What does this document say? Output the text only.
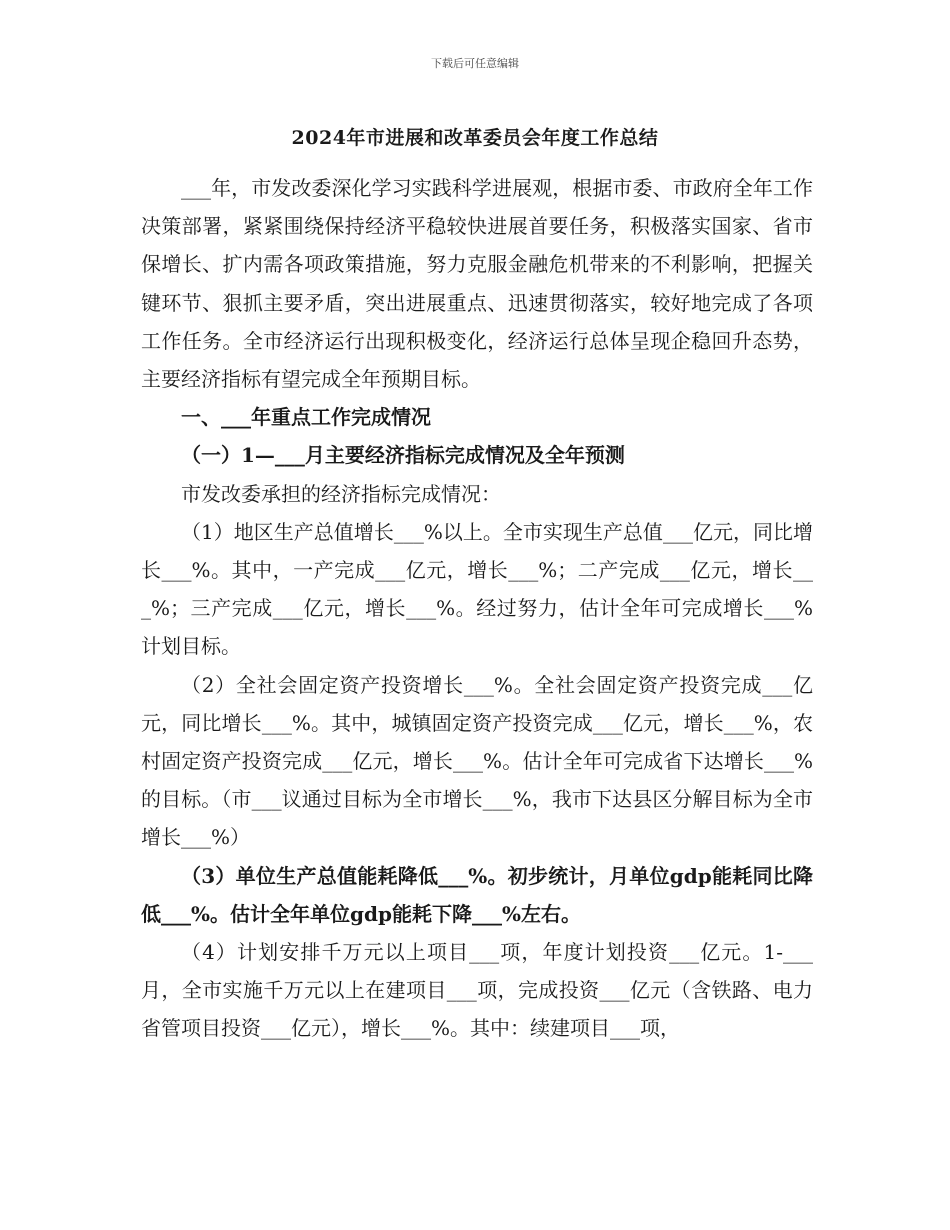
下载后可任意编辑
2024年市进展和改革委员会年度工作总结

___年，市发改委深化学习实践科学进展观，根据市委、市政府全年工作决策部署，紧紧围绕保持经济平稳较快进展首要任务，积极落实国家、省市保增长、扩内需各项政策措施，努力克服金融危机带来的不利影响，把握关键环节、狠抓主要矛盾，突出进展重点、迅速贯彻落实，较好地完成了各项工作任务。全市经济运行出现积极变化，经济运行总体呈现企稳回升态势，主要经济指标有望完成全年预期目标。

一、___年重点工作完成情况

（一）1—___月主要经济指标完成情况及全年预测

市发改委承担的经济指标完成情况：

（1）地区生产总值增长___%以上。全市实现生产总值___亿元，同比增长___%。其中，一产完成___亿元，增长___%；二产完成___亿元，增长___%；三产完成___亿元，增长___%。经过努力，估计全年可完成增长___%计划目标。

（2）全社会固定资产投资增长___%。全社会固定资产投资完成___亿元，同比增长___%。其中，城镇固定资产投资完成___亿元，增长___%，农村固定资产投资完成___亿元，增长___%。估计全年可完成省下达增长___%的目标。（市___议通过目标为全市增长___%，我市下达县区分解目标为全市增长___%）

（3）单位生产总值能耗降低___%。初步统计，月单位gdp能耗同比降低___%。估计全年单位gdp能耗下降___%左右。

（4）计划安排千万元以上项目___项，年度计划投资___亿元。1-___月，全市实施千万元以上在建项目___项，完成投资___亿元（含铁路、电力省管项目投资___亿元），增长___%。其中：续建项目___项，
